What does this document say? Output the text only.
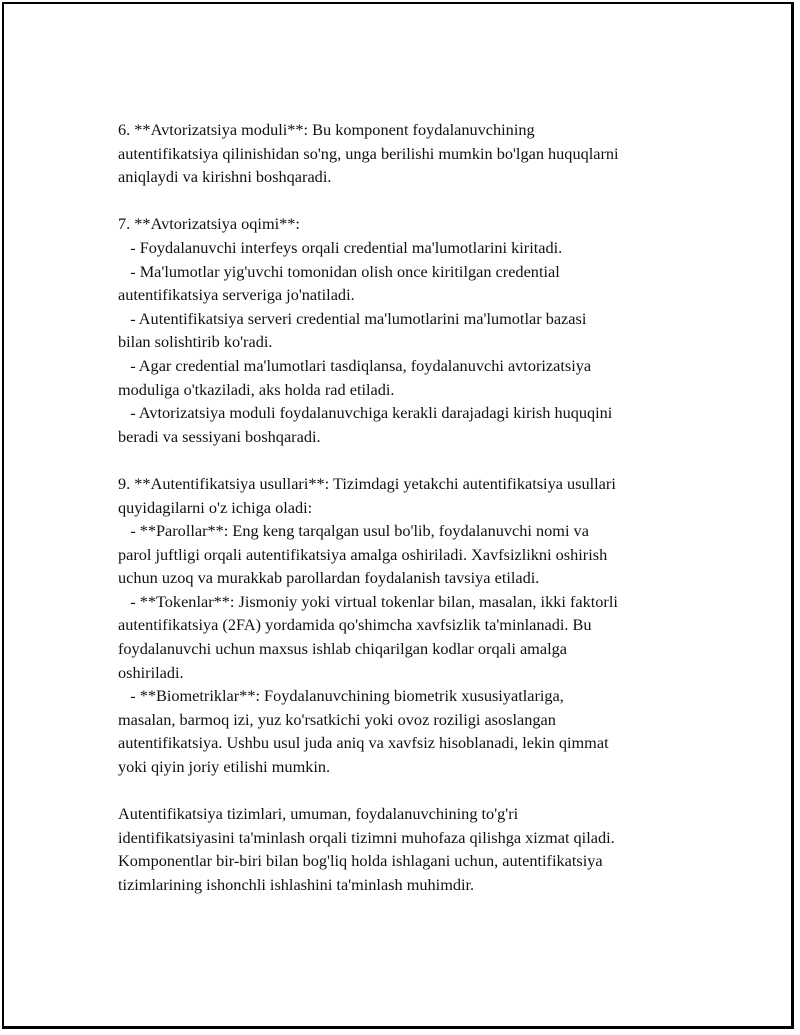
6. **Avtorizatsiya moduli**: Bu komponent foydalanuvchining
autentifikatsiya qilinishidan so'ng, unga berilishi mumkin bo'lgan huquqlarni
aniqlaydi va kirishni boshqaradi.
7. **Avtorizatsiya oqimi**:
- Foydalanuvchi interfeys orqali credential ma'lumotlarini kiritadi.
- Ma'lumotlar yig'uvchi tomonidan olish once kiritilgan credential
autentifikatsiya serveriga jo'natiladi.
- Autentifikatsiya serveri credential ma'lumotlarini ma'lumotlar bazasi
bilan solishtirib ko'radi.
- Agar credential ma'lumotlari tasdiqlansa, foydalanuvchi avtorizatsiya
moduliga o'tkaziladi, aks holda rad etiladi.
- Avtorizatsiya moduli foydalanuvchiga kerakli darajadagi kirish huquqini
beradi va sessiyani boshqaradi.
9. **Autentifikatsiya usullari**: Tizimdagi yetakchi autentifikatsiya usullari
quyidagilarni o'z ichiga oladi:
- **Parollar**: Eng keng tarqalgan usul bo'lib, foydalanuvchi nomi va
parol juftligi orqali autentifikatsiya amalga oshiriladi. Xavfsizlikni oshirish
uchun uzoq va murakkab parollardan foydalanish tavsiya etiladi.
- **Tokenlar**: Jismoniy yoki virtual tokenlar bilan, masalan, ikki faktorli
autentifikatsiya (2FA) yordamida qo'shimcha xavfsizlik ta'minlanadi. Bu
foydalanuvchi uchun maxsus ishlab chiqarilgan kodlar orqali amalga
oshiriladi.
- **Biometriklar**: Foydalanuvchining biometrik xususiyatlariga,
masalan, barmoq izi, yuz ko'rsatkichi yoki ovoz roziligi asoslangan
autentifikatsiya. Ushbu usul juda aniq va xavfsiz hisoblanadi, lekin qimmat
yoki qiyin joriy etilishi mumkin.
Autentifikatsiya tizimlari, umuman, foydalanuvchining to'g'ri
identifikatsiyasini ta'minlash orqali tizimni muhofaza qilishga xizmat qiladi.
Komponentlar bir-biri bilan bog'liq holda ishlagani uchun, autentifikatsiya
tizimlarining ishonchli ishlashini ta'minlash muhimdir.
